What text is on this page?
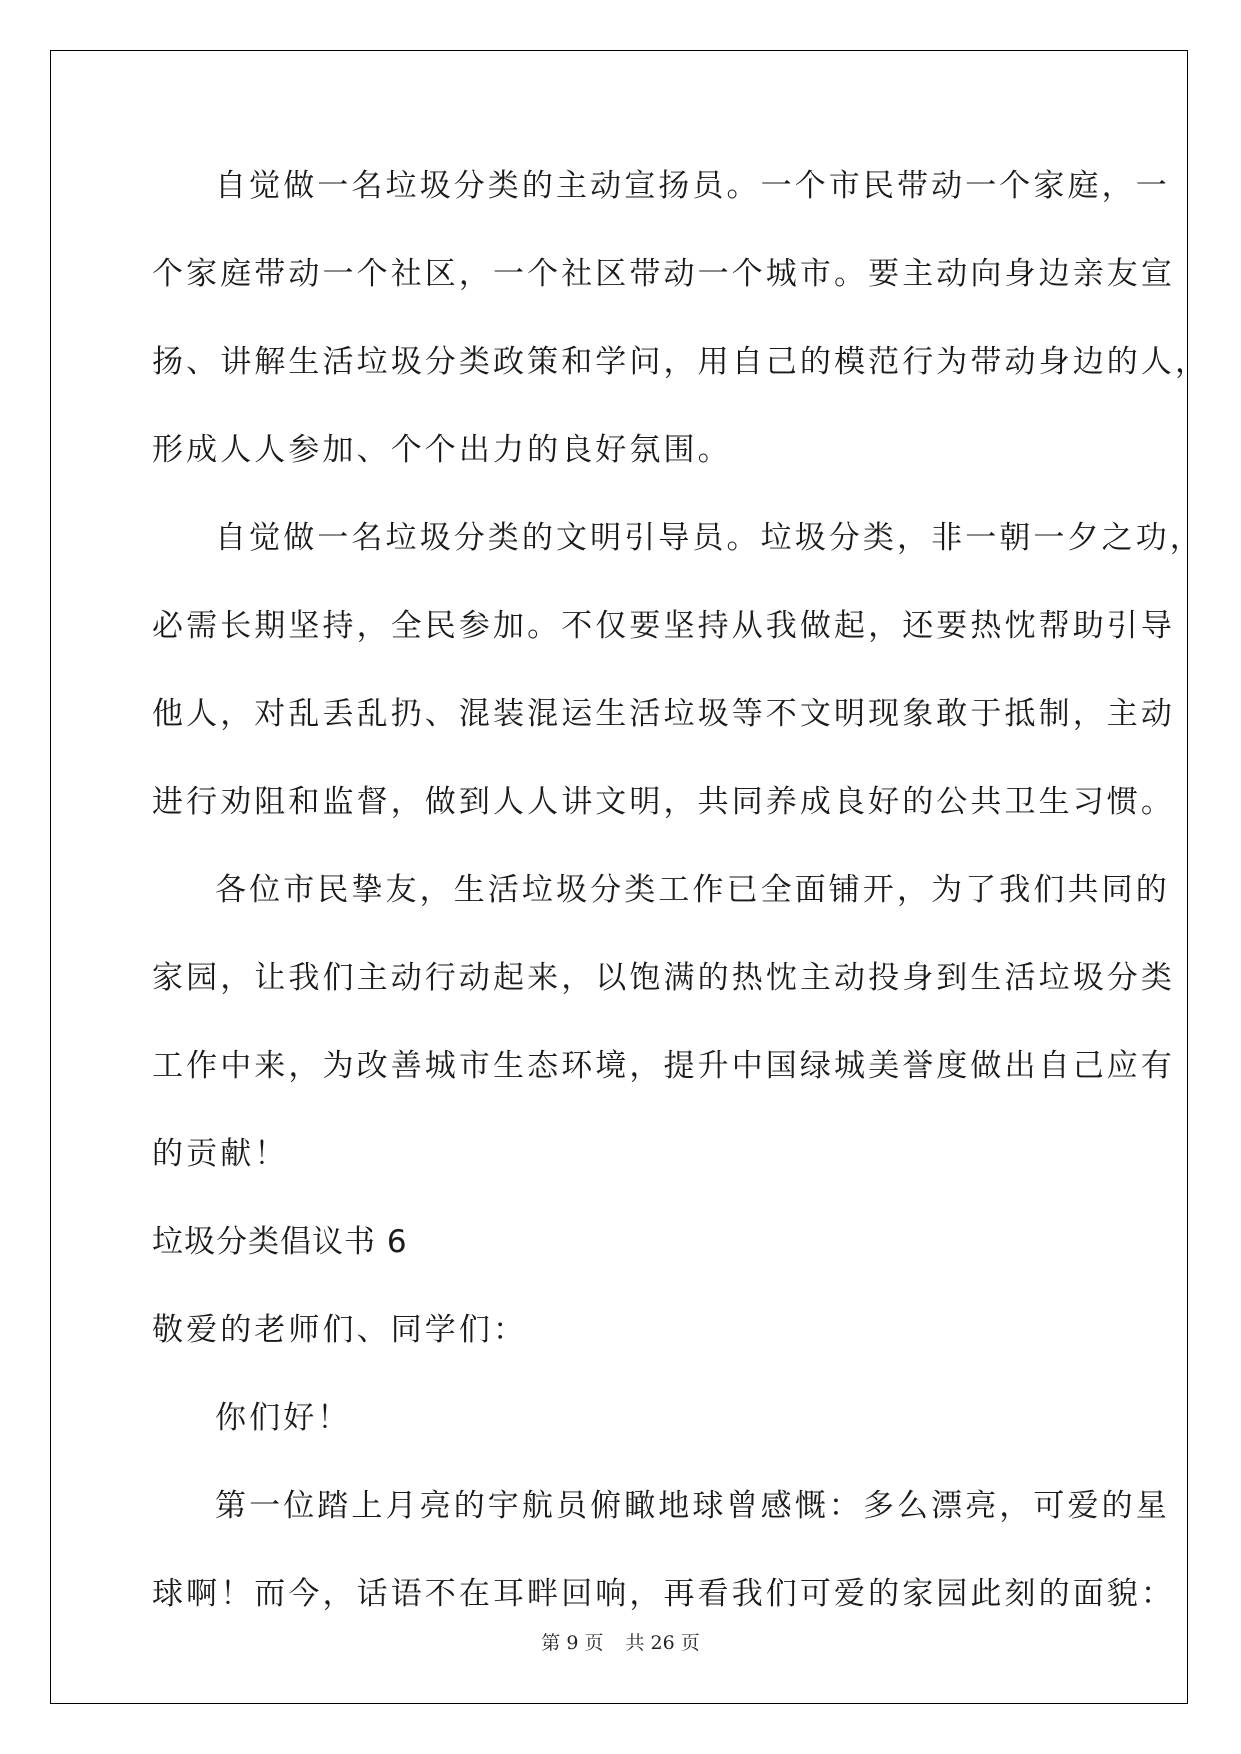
自觉做一名垃圾分类的主动宣扬员。一个市民带动一个家庭，一
个家庭带动一个社区，一个社区带动一个城市。要主动向身边亲友宣
扬、讲解生活垃圾分类政策和学问，用自己的模范行为带动身边的人，
形成人人参加、个个出力的良好氛围。
自觉做一名垃圾分类的文明引导员。垃圾分类，非一朝一夕之功，
必需长期坚持，全民参加。不仅要坚持从我做起，还要热忱帮助引导
他人，对乱丢乱扔、混装混运生活垃圾等不文明现象敢于抵制，主动
进行劝阻和监督，做到人人讲文明，共同养成良好的公共卫生习惯。
各位市民挚友，生活垃圾分类工作已全面铺开，为了我们共同的
家园，让我们主动行动起来，以饱满的热忱主动投身到生活垃圾分类
工作中来，为改善城市生态环境，提升中国绿城美誉度做出自己应有
的贡献！
垃圾分类倡议书 6
敬爱的老师们、同学们：
你们好！
第一位踏上月亮的宇航员俯瞰地球曾感慨：多么漂亮，可爱的星
球啊！而今，话语不在耳畔回响，再看我们可爱的家园此刻的面貌：
第 9 页 共 26 页
